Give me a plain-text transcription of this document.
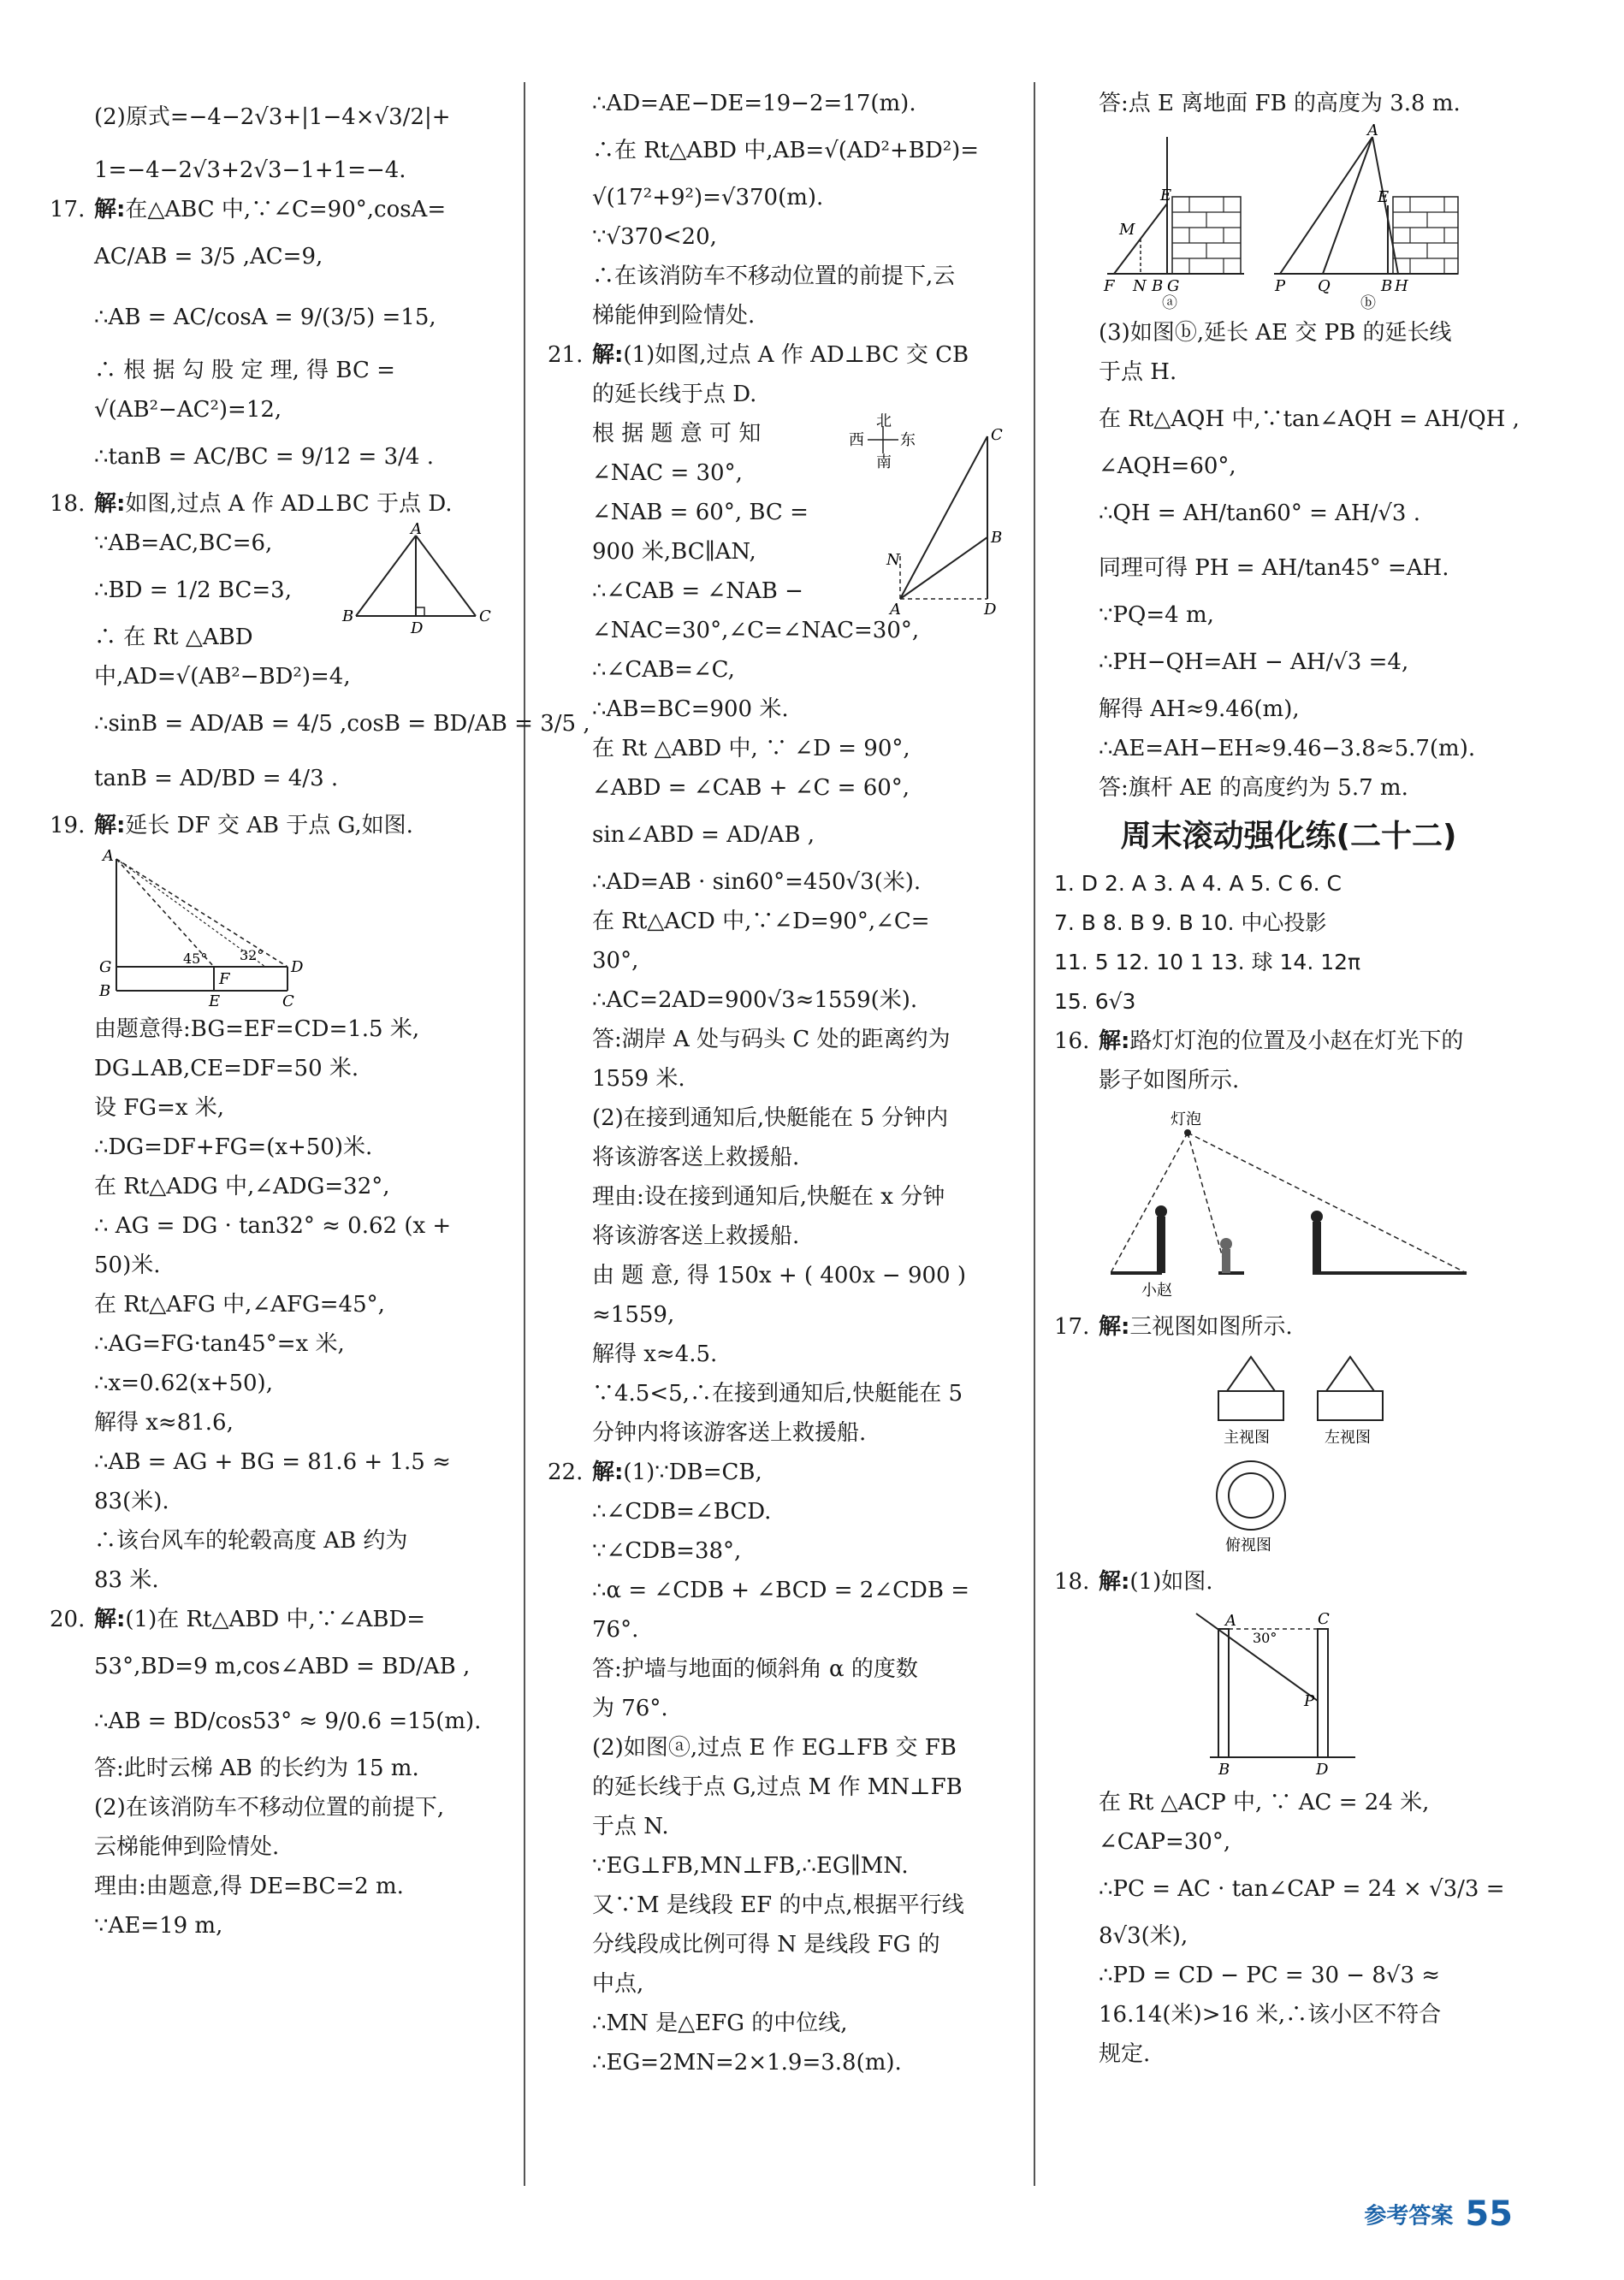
(2)原式=−4−2√3+|1−4×√3/2|+
1=−4−2√3+2√3−1+1=−4.
17. 解:在△ABC 中,∵∠C=90°,cosA=
AC/AB = 3/5 ,AC=9,
∴AB = AC/cosA = 9/(3/5) =15,
∴ 根 据 勾 股 定 理, 得 BC =
√(AB²−AC²)=12,
∴tanB = AC/BC = 9/12 = 3/4 .
18. 解:如图,过点 A 作 AD⊥BC 于点 D.
∵AB=AC,BC=6,
∴BD = 1/2 BC=3,
∴ 在 Rt △ABD
A
B	C
D
中,AD=√(AB²−BD²)=4,
∴sinB = AD/AB = 4/5 ,cosB = BD/AB = 3/5 ,
tanB = AD/BD = 4/3 .
19. 解:延长 DF 交 AB 于点 G,如图.
A
G
B
E	C
F
D
45° 32°
由题意得:BG=EF=CD=1.5 米,
DG⊥AB,CE=DF=50 米.
设 FG=x 米,
∴DG=DF+FG=(x+50)米.
在 Rt△ADG 中,∠ADG=32°,
∴ AG = DG · tan32° ≈ 0.62 (x +
50)米.
在 Rt△AFG 中,∠AFG=45°,
∴AG=FG·tan45°=x 米,
∴x=0.62(x+50),
解得 x≈81.6,
∴AB = AG + BG = 81.6 + 1.5 ≈
83(米).
∴该台风车的轮毂高度 AB 约为
83 米.
20. 解:(1)在 Rt△ABD 中,∵∠ABD=
53°,BD=9 m,cos∠ABD = BD/AB ,
∴AB = BD/cos53° ≈ 9/0.6 =15(m).
答:此时云梯 AB 的长约为 15 m.
(2)在该消防车不移动位置的前提下,
云梯能伸到险情处.
理由:由题意,得 DE=BC=2 m.
∵AE=19 m,
∴AD=AE−DE=19−2=17(m).
∴在 Rt△ABD 中,AB=√(AD²+BD²)=
√(17²+9²)=√370(m).
∵√370<20,
∴在该消防车不移动位置的前提下,云
梯能伸到险情处.
21. 解:(1)如图,过点 A 作 AD⊥BC 交 CB
的延长线于点 D.
根 据 题 意 可 知
∠NAC = 30°,
∠NAB = 60°, BC =
900 米,BC∥AN,
∴∠CAB = ∠NAB −
北
南
西 东	C
B
N
A	D
∠NAC=30°,∠C=∠NAC=30°,
∴∠CAB=∠C,
∴AB=BC=900 米.
在 Rt △ABD 中, ∵ ∠D = 90°,
∠ABD = ∠CAB + ∠C = 60°,
sin∠ABD = AD/AB ,
∴AD=AB · sin60°=450√3(米).
在 Rt△ACD 中,∵∠D=90°,∠C=
30°,
∴AC=2AD=900√3≈1559(米).
答:湖岸 A 处与码头 C 处的距离约为
1559 米.
(2)在接到通知后,快艇能在 5 分钟内
将该游客送上救援船.
理由:设在接到通知后,快艇在 x 分钟
将该游客送上救援船.
由 题 意, 得 150x + ( 400x − 900 )
≈1559,
解得 x≈4.5.
∵4.5<5,∴在接到通知后,快艇能在 5
分钟内将该游客送上救援船.
22. 解:(1)∵DB=CB,
∴∠CDB=∠BCD.
∵∠CDB=38°,
∴α = ∠CDB + ∠BCD = 2∠CDB =
76°.
答:护墙与地面的倾斜角 α 的度数
为 76°.
(2)如图ⓐ,过点 E 作 EG⊥FB 交 FB
的延长线于点 G,过点 M 作 MN⊥FB
于点 N.
∵EG⊥FB,MN⊥FB,∴EG∥MN.
又∵M 是线段 EF 的中点,根据平行线
分线段成比例可得 N 是线段 FG 的
中点,
∴MN 是△EFG 的中位线,
∴EG=2MN=2×1.9=3.8(m).
答:点 E 离地面 FB 的高度为 3.8 m.
E
M
F N B G
ⓐ
A
E
P Q	B H
ⓑ
(3)如图ⓑ,延长 AE 交 PB 的延长线
于点 H.
在 Rt△AQH 中,∵tan∠AQH = AH/QH ,
∠AQH=60°,
∴QH = AH/tan60° = AH/√3 .
同理可得 PH = AH/tan45° =AH.
∵PQ=4 m,
∴PH−QH=AH − AH/√3 =4,
解得 AH≈9.46(m),
∴AE=AH−EH≈9.46−3.8≈5.7(m).
答:旗杆 AE 的高度约为 5.7 m.
周末滚动强化练(二十二)
1. D 2. A 3. A 4. A 5. C 6. C
7. B 8. B 9. B 10. 中心投影
11. 5 12. 10 1 13. 球 14. 12π
15. 6√3
16. 解:路灯灯泡的位置及小赵在灯光下的
影子如图所示.
灯泡
小赵
17. 解:三视图如图所示.
主视图	左视图
俯视图
18. 解:(1)如图.
A	C
30°
P
B	D
在 Rt △ACP 中, ∵ AC = 24 米,
∠CAP=30°,
∴PC = AC · tan∠CAP = 24 × √3/3 =
8√3(米),
∴PD = CD − PC = 30 − 8√3 ≈
16.14(米)>16 米,∴该小区不符合
规定.
参考答案 55
